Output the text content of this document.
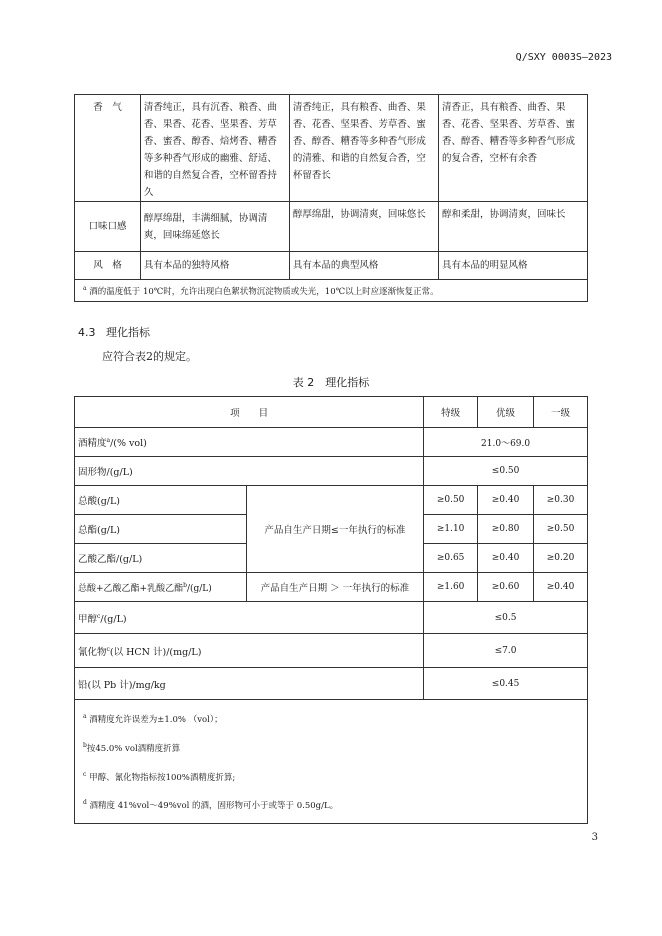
Q/SXY 0003S—2023
香　气	清香纯正，具有沉香、粮香、曲香、果香、花香、坚果香、芳草香、蜜香、醇香、焙烤香、糟香等多种香气形成的幽雅、舒适、和谐的自然复合香，空杯留香持久	清香纯正，具有粮香、曲香、果香、花香、坚果香、芳草香、蜜香、醇香、糟香等多种香气形成的清雅、和谐的自然复合香，空杯留香长	清香正，具有粮香、曲香、果香、花香、坚果香、芳草香、蜜香、醇香、糟香等多种香气形成的复合香，空杯有余香
口味口感	醇厚绵甜，丰满细腻，协调清爽，回味绵延悠长	醇厚绵甜，协调清爽，回味悠长	醇和柔甜，协调清爽，回味长
风　格	具有本品的独特风格	具有本品的典型风格	具有本品的明显风格
$^a$ 酒的温度低于 10℃时，允许出现白色絮状物沉淀物质或失光，10℃以上时应逐渐恢复正常。			
4.3 理化指标
应符合表2的规定。
表 2　理化指标
项　　目		特级	优级	一级
酒精度$^a$/(% vol)		21.0～69.0		
固形物/(g/L)		≤0.50		
总酸(g/L)	产品自生产日期≤一年执行的标准	≥0.50	≥0.40	≥0.30
总酯(g/L)		≥1.10	≥0.80	≥0.50
乙酸乙酯/(g/L)		≥0.65	≥0.40	≥0.20
总酸+乙酸乙酯+乳酸乙酯$^b$/(g/L)	产品自生产日期 ＞ 一年执行的标准	≥1.60	≥0.60	≥0.40
甲醇$^c$/(g/L)		≤0.5		
氰化物$^c$(以 HCN 计)/(mg/L)		≤7.0		
铅(以 Pb 计)/mg/kg		≤0.45		

$^a$ 酒精度允许误差为±1.0% （vol）；
$^b$按45.0% vol酒精度折算
$^c$ 甲醇、氰化物指标按100%酒精度折算;
$^d$ 酒精度 41%vol～49%vol 的酒，固形物可小于或等于 0.50g/L。				
3
